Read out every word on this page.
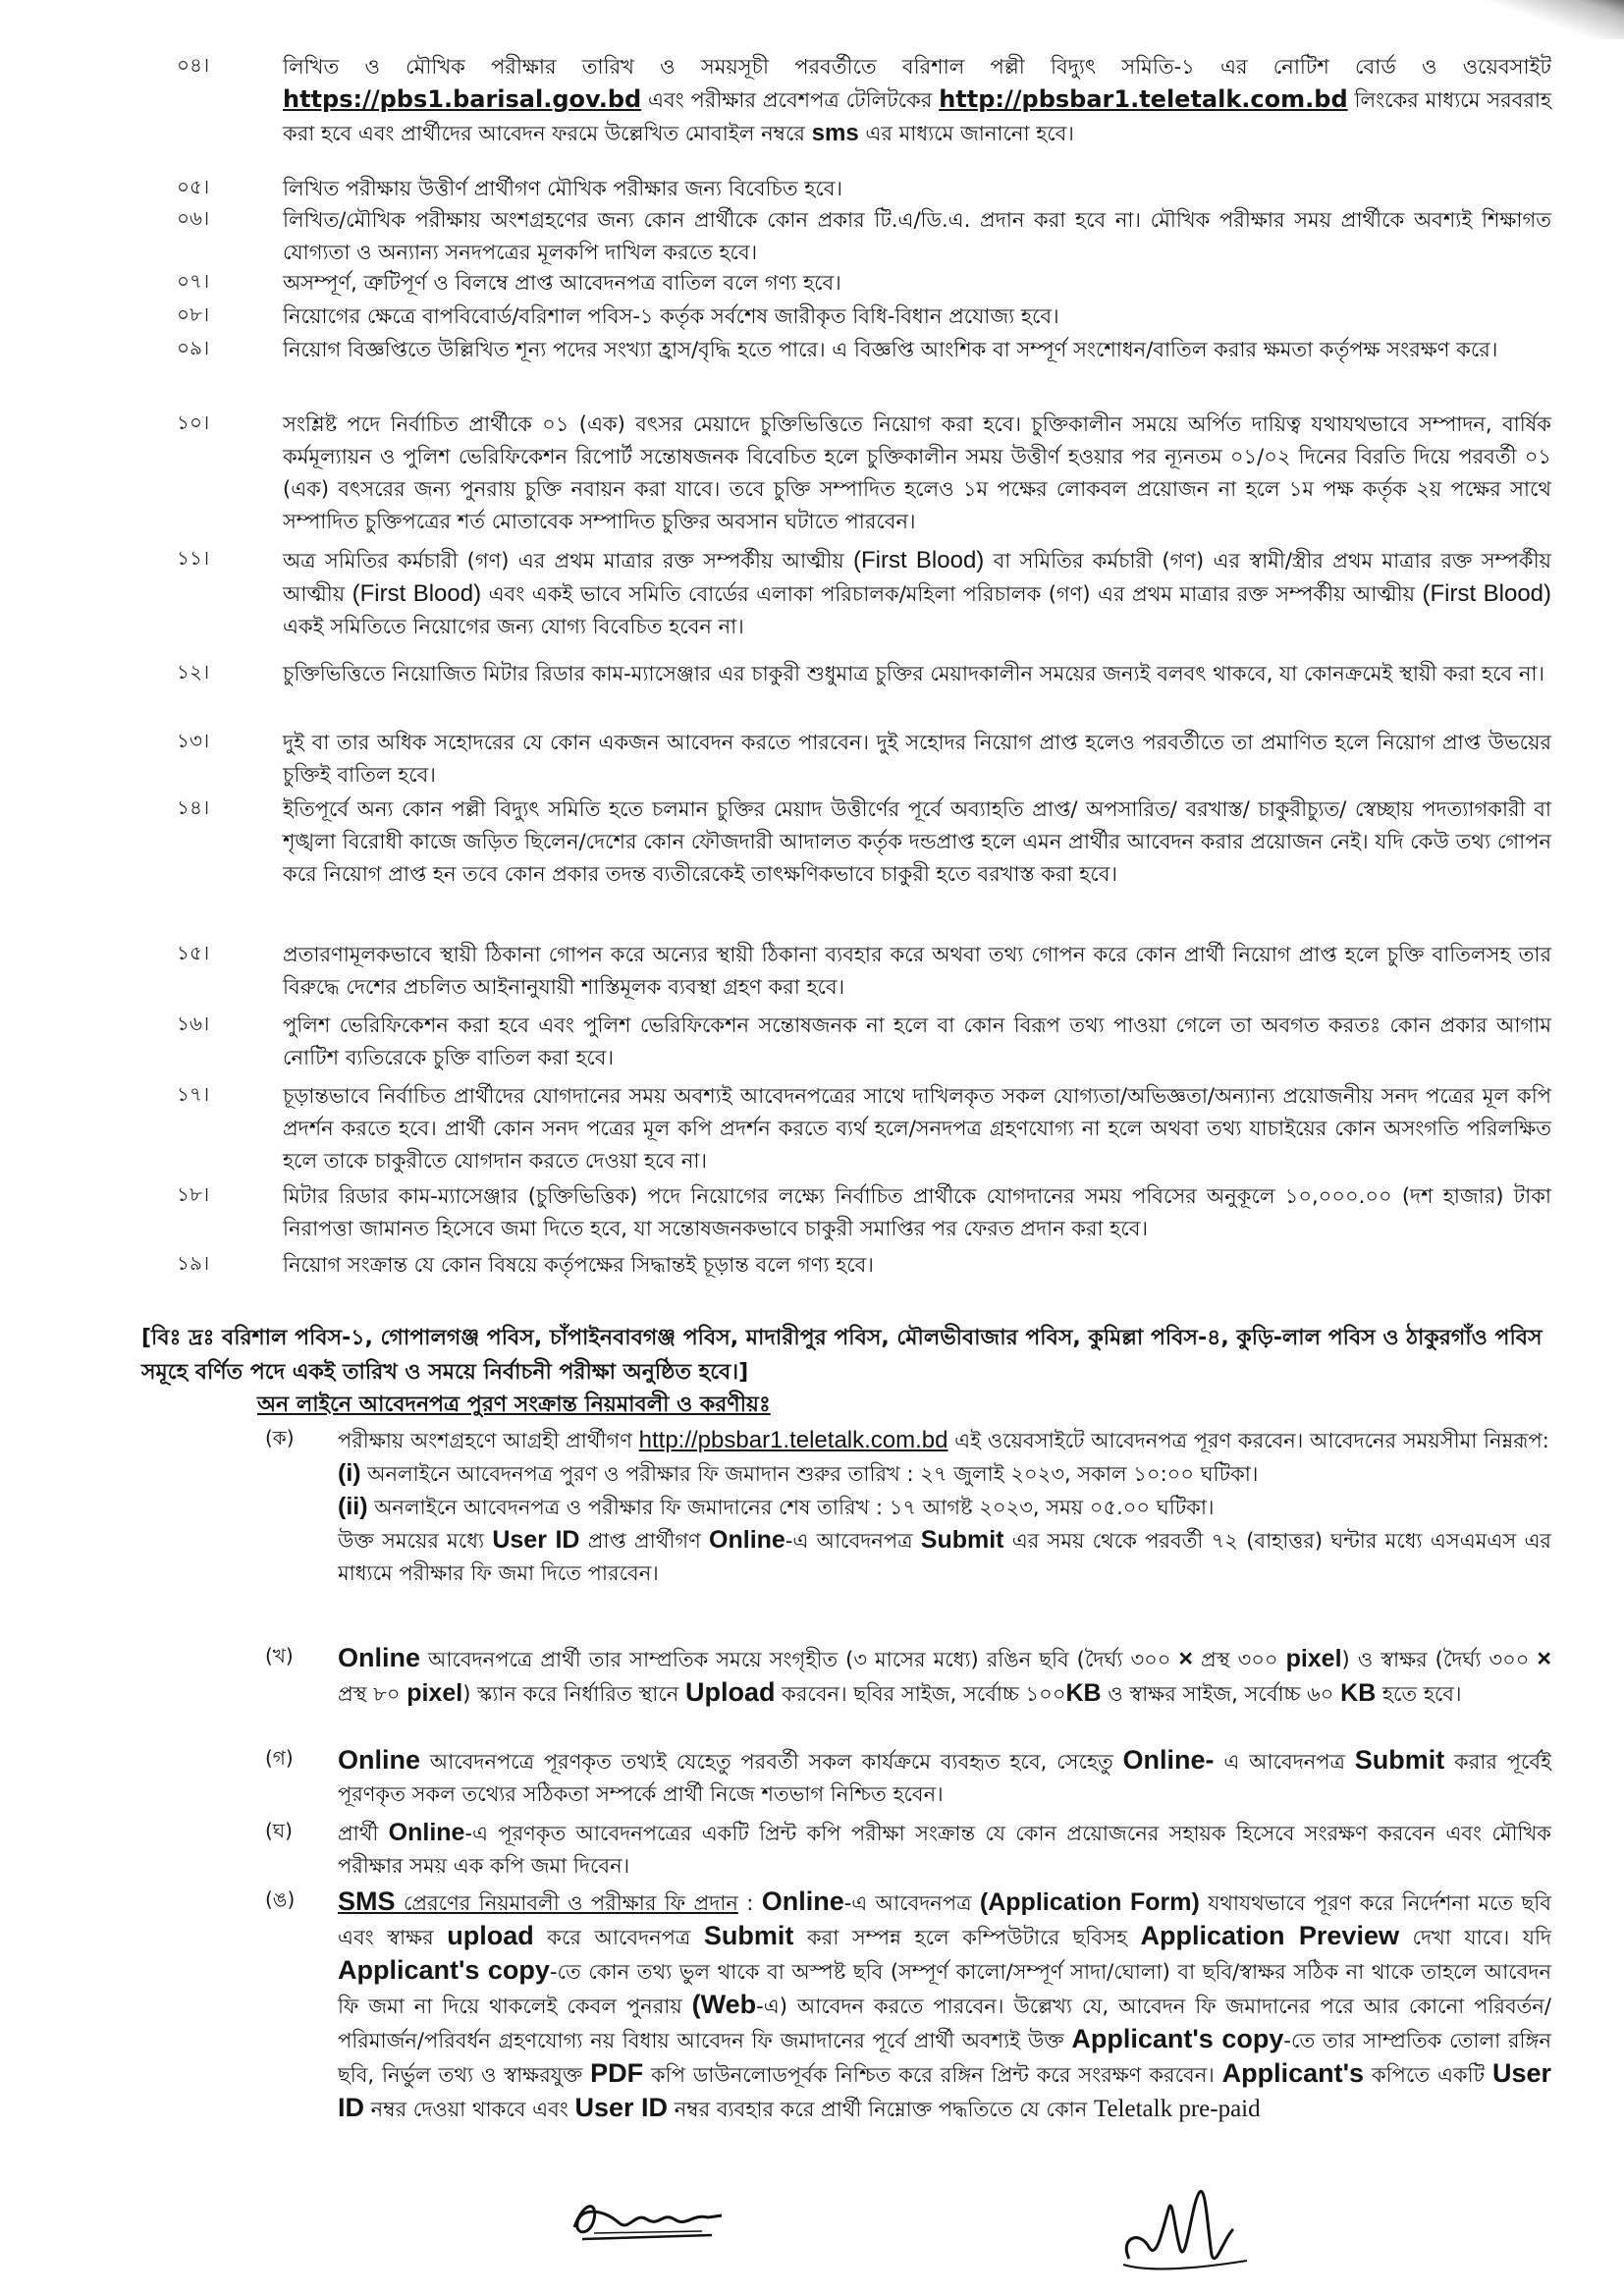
০৪।	লিখিত ও মৌখিক পরীক্ষার তারিখ ও সময়সূচী পরবর্তীতে বরিশাল পল্লী বিদ্যুৎ সমিতি-১ এর নোটিশ বোর্ড ও ওয়েবসাইট https://pbs1.barisal.gov.bd এবং পরীক্ষার প্রবেশপত্র টেলিটকের http://pbsbar1.teletalk.com.bd লিংকের মাধ্যমে সরবরাহ করা হবে এবং প্রার্থীদের আবেদন ফরমে উল্লেখিত মোবাইল নম্বরে sms এর মাধ্যমে জানানো হবে।
০৫।	লিখিত পরীক্ষায় উত্তীর্ণ প্রার্থীগণ মৌখিক পরীক্ষার জন্য বিবেচিত হবে।
০৬।	লিখিত/মৌখিক পরীক্ষায় অংশগ্রহণের জন্য কোন প্রার্থীকে কোন প্রকার টি.এ/ডি.এ. প্রদান করা হবে না। মৌখিক পরীক্ষার সময় প্রার্থীকে অবশ্যই শিক্ষাগত যোগ্যতা ও অন্যান্য সনদপত্রের মূলকপি দাখিল করতে হবে।
০৭।	অসম্পূর্ণ, ত্রুটিপূর্ণ ও বিলম্বে প্রাপ্ত আবেদনপত্র বাতিল বলে গণ্য হবে।
০৮।	নিয়োগের ক্ষেত্রে বাপবিবোর্ড/বরিশাল পবিস-১ কর্তৃক সর্বশেষ জারীকৃত বিধি-বিধান প্রযোজ্য হবে।
০৯।	নিয়োগ বিজ্ঞপ্তিতে উল্লিখিত শূন্য পদের সংখ্যা হ্রাস/বৃদ্ধি হতে পারে। এ বিজ্ঞপ্তি আংশিক বা সম্পূর্ণ সংশোধন/বাতিল করার ক্ষমতা কর্তৃপক্ষ সংরক্ষণ করে।
১০।	সংশ্লিষ্ট পদে নির্বাচিত প্রার্থীকে ০১ (এক) বৎসর মেয়াদে চুক্তিভিত্তিতে নিয়োগ করা হবে। চুক্তিকালীন সময়ে অর্পিত দায়িত্ব যথাযথভাবে সম্পাদন, বার্ষিক কর্মমূল্যায়ন ও পুলিশ ভেরিফিকেশন রিপোর্ট সন্তোষজনক বিবেচিত হলে চুক্তিকালীন সময় উত্তীর্ণ হওয়ার পর ন্যূনতম ০১/০২ দিনের বিরতি দিয়ে পরবর্তী ০১ (এক) বৎসরের জন্য পুনরায় চুক্তি নবায়ন করা যাবে। তবে চুক্তি সম্পাদিত হলেও ১ম পক্ষের লোকবল প্রয়োজন না হলে ১ম পক্ষ কর্তৃক ২য় পক্ষের সাথে সম্পাদিত চুক্তিপত্রের শর্ত মোতাবেক সম্পাদিত চুক্তির অবসান ঘটাতে পারবেন।
১১।	অত্র সমিতির কর্মচারী (গণ) এর প্রথম মাত্রার রক্ত সম্পর্কীয় আত্মীয় (First Blood) বা সমিতির কর্মচারী (গণ) এর স্বামী/স্ত্রীর প্রথম মাত্রার রক্ত সম্পর্কীয় আত্মীয় (First Blood) এবং একই ভাবে সমিতি বোর্ডের এলাকা পরিচালক/মহিলা পরিচালক (গণ) এর প্রথম মাত্রার রক্ত সম্পর্কীয় আত্মীয় (First Blood) একই সমিতিতে নিয়োগের জন্য যোগ্য বিবেচিত হবেন না।
১২।	চুক্তিভিত্তিতে নিয়োজিত মিটার রিডার কাম-ম্যাসেঞ্জার এর চাকুরী শুধুমাত্র চুক্তির মেয়াদকালীন সময়ের জন্যই বলবৎ থাকবে, যা কোনক্রমেই স্থায়ী করা হবে না।
১৩।	দুই বা তার অধিক সহোদরের যে কোন একজন আবেদন করতে পারবেন। দুই সহোদর নিয়োগ প্রাপ্ত হলেও পরবর্তীতে তা প্রমাণিত হলে নিয়োগ প্রাপ্ত উভয়ের চুক্তিই বাতিল হবে।
১৪।	ইতিপূর্বে অন্য কোন পল্লী বিদ্যুৎ সমিতি হতে চলমান চুক্তির মেয়াদ উত্তীর্ণের পূর্বে অব্যাহতি প্রাপ্ত/ অপসারিত/ বরখাস্ত/ চাকুরীচ্যুত/ স্বেচ্ছায় পদত্যাগকারী বা শৃঙ্খলা বিরোধী কাজে জড়িত ছিলেন/দেশের কোন ফৌজদারী আদালত কর্তৃক দন্ডপ্রাপ্ত হলে এমন প্রার্থীর আবেদন করার প্রয়োজন নেই। যদি কেউ তথ্য গোপন করে নিয়োগ প্রাপ্ত হন তবে কোন প্রকার তদন্ত ব্যতীরেকেই তাৎক্ষণিকভাবে চাকুরী হতে বরখাস্ত করা হবে।
১৫।	প্রতারণামূলকভাবে স্থায়ী ঠিকানা গোপন করে অন্যের স্থায়ী ঠিকানা ব্যবহার করে অথবা তথ্য গোপন করে কোন প্রার্থী নিয়োগ প্রাপ্ত হলে চুক্তি বাতিলসহ তার বিরুদ্ধে দেশের প্রচলিত আইনানুযায়ী শাস্তিমূলক ব্যবস্থা গ্রহণ করা হবে।
১৬।	পুলিশ ভেরিফিকেশন করা হবে এবং পুলিশ ভেরিফিকেশন সন্তোষজনক না হলে বা কোন বিরূপ তথ্য পাওয়া গেলে তা অবগত করতঃ কোন প্রকার আগাম নোটিশ ব্যতিরেকে চুক্তি বাতিল করা হবে।
১৭।	চূড়ান্তভাবে নির্বাচিত প্রার্থীদের যোগদানের সময় অবশ্যই আবেদনপত্রের সাথে দাখিলকৃত সকল যোগ্যতা/অভিজ্ঞতা/অন্যান্য প্রয়োজনীয় সনদ পত্রের মূল কপি প্রদর্শন করতে হবে। প্রার্থী কোন সনদ পত্রের মূল কপি প্রদর্শন করতে ব্যর্থ হলে/সনদপত্র গ্রহণযোগ্য না হলে অথবা তথ্য যাচাইয়ের কোন অসংগতি পরিলক্ষিত হলে তাকে চাকুরীতে যোগদান করতে দেওয়া হবে না।
১৮।	মিটার রিডার কাম-ম্যাসেঞ্জার (চুক্তিভিত্তিক) পদে নিয়োগের লক্ষ্যে নির্বাচিত প্রার্থীকে যোগদানের সময় পবিসের অনুকূলে ১০,০০০.০০ (দশ হাজার) টাকা নিরাপত্তা জামানত হিসেবে জমা দিতে হবে, যা সন্তোষজনকভাবে চাকুরী সমাপ্তির পর ফেরত প্রদান করা হবে।
১৯।	নিয়োগ সংক্রান্ত যে কোন বিষয়ে কর্তৃপক্ষের সিদ্ধান্তই চূড়ান্ত বলে গণ্য হবে।
[বিঃ দ্রঃ বরিশাল পবিস-১, গোপালগঞ্জ পবিস, চাঁপাইনবাবগঞ্জ পবিস, মাদারীপুর পবিস, মৌলভীবাজার পবিস, কুমিল্লা পবিস-৪, কুড়ি-লাল পবিস ও ঠাকুরগাঁও পবিস সমূহে বর্ণিত পদে একই তারিখ ও সময়ে নির্বাচনী পরীক্ষা অনুষ্ঠিত হবে।]
অন লাইনে আবেদনপত্র পুরণ সংক্রান্ত নিয়মাবলী ও করণীয়ঃ
(ক) পরীক্ষায় অংশগ্রহণে আগ্রহী প্রার্থীগণ http://pbsbar1.teletalk.com.bd এই ওয়েবসাইটে আবেদনপত্র পূরণ করবেন। আবেদনের সময়সীমা নিম্নরূপ:
(i) অনলাইনে আবেদনপত্র পুরণ ও পরীক্ষার ফি জমাদান শুরুর তারিখ : ২৭ জুলাই ২০২৩, সকাল ১০:০০ ঘটিকা।
(ii) অনলাইনে আবেদনপত্র ও পরীক্ষার ফি জমাদানের শেষ তারিখ : ১৭ আগষ্ট ২০২৩, সময় ০৫.০০ ঘটিকা।
উক্ত সময়ের মধ্যে User ID প্রাপ্ত প্রার্থীগণ Online-এ আবেদনপত্র Submit এর সময় থেকে পরবর্তী ৭২ (বাহাত্তর) ঘন্টার মধ্যে এসএমএস এর মাধ্যমে পরীক্ষার ফি জমা দিতে পারবেন।
(খ) Online আবেদনপত্রে প্রার্থী তার সাম্প্রতিক সময়ে সংগৃহীত (৩ মাসের মধ্যে) রঙিন ছবি (দৈর্ঘ্য ৩০০ × প্রস্থ ৩০০ pixel) ও স্বাক্ষর (দৈর্ঘ্য ৩০০ × প্রস্থ ৮০ pixel) স্ক্যান করে নির্ধারিত স্থানে Upload করবেন। ছবির সাইজ, সর্বোচ্চ ১০০KB ও স্বাক্ষর সাইজ, সর্বোচ্চ ৬০ KB হতে হবে।
(গ) Online আবেদনপত্রে পূরণকৃত তথ্যই যেহেতু পরবর্তী সকল কার্যক্রমে ব্যবহৃত হবে, সেহেতু Online- এ আবেদনপত্র Submit করার পূর্বেই পূরণকৃত সকল তথ্যের সঠিকতা সম্পর্কে প্রার্থী নিজে শতভাগ নিশ্চিত হবেন।
(ঘ) প্রার্থী Online-এ পূরণকৃত আবেদনপত্রের একটি প্রিন্ট কপি পরীক্ষা সংক্রান্ত যে কোন প্রয়োজনের সহায়ক হিসেবে সংরক্ষণ করবেন এবং মৌখিক পরীক্ষার সময় এক কপি জমা দিবেন।
(ঙ) SMS প্রেরণের নিয়মাবলী ও পরীক্ষার ফি প্রদান : Online-এ আবেদনপত্র (Application Form) যথাযথভাবে পূরণ করে নির্দেশনা মতে ছবি এবং স্বাক্ষর upload করে আবেদনপত্র Submit করা সম্পন্ন হলে কম্পিউটারে ছবিসহ Application Preview দেখা যাবে। যদি Applicant's copy-তে কোন তথ্য ভুল থাকে বা অস্পষ্ট ছবি (সম্পূর্ণ কালো/সম্পূর্ণ সাদা/ঘোলা) বা ছবি/স্বাক্ষর সঠিক না থাকে তাহলে আবেদন ফি জমা না দিয়ে থাকলেই কেবল পুনরায় (Web-এ) আবেদন করতে পারবেন। উল্লেখ্য যে, আবেদন ফি জমাদানের পরে আর কোনো পরিবর্তন/পরিমার্জন/পরিবর্ধন গ্রহণযোগ্য নয় বিধায় আবেদন ফি জমাদানের পূর্বে প্রার্থী অবশ্যই উক্ত Applicant's copy-তে তার সাম্প্রতিক তোলা রঙ্গিন ছবি, নির্ভুল তথ্য ও স্বাক্ষরযুক্ত PDF কপি ডাউনলোডপূর্বক নিশ্চিত করে রঙ্গিন প্রিন্ট করে সংরক্ষণ করবেন। Applicant's কপিতে একটি User ID নম্বর দেওয়া থাকবে এবং User ID নম্বর ব্যবহার করে প্রার্থী নিম্নোক্ত পদ্ধতিতে যে কোন Teletalk pre-paid
